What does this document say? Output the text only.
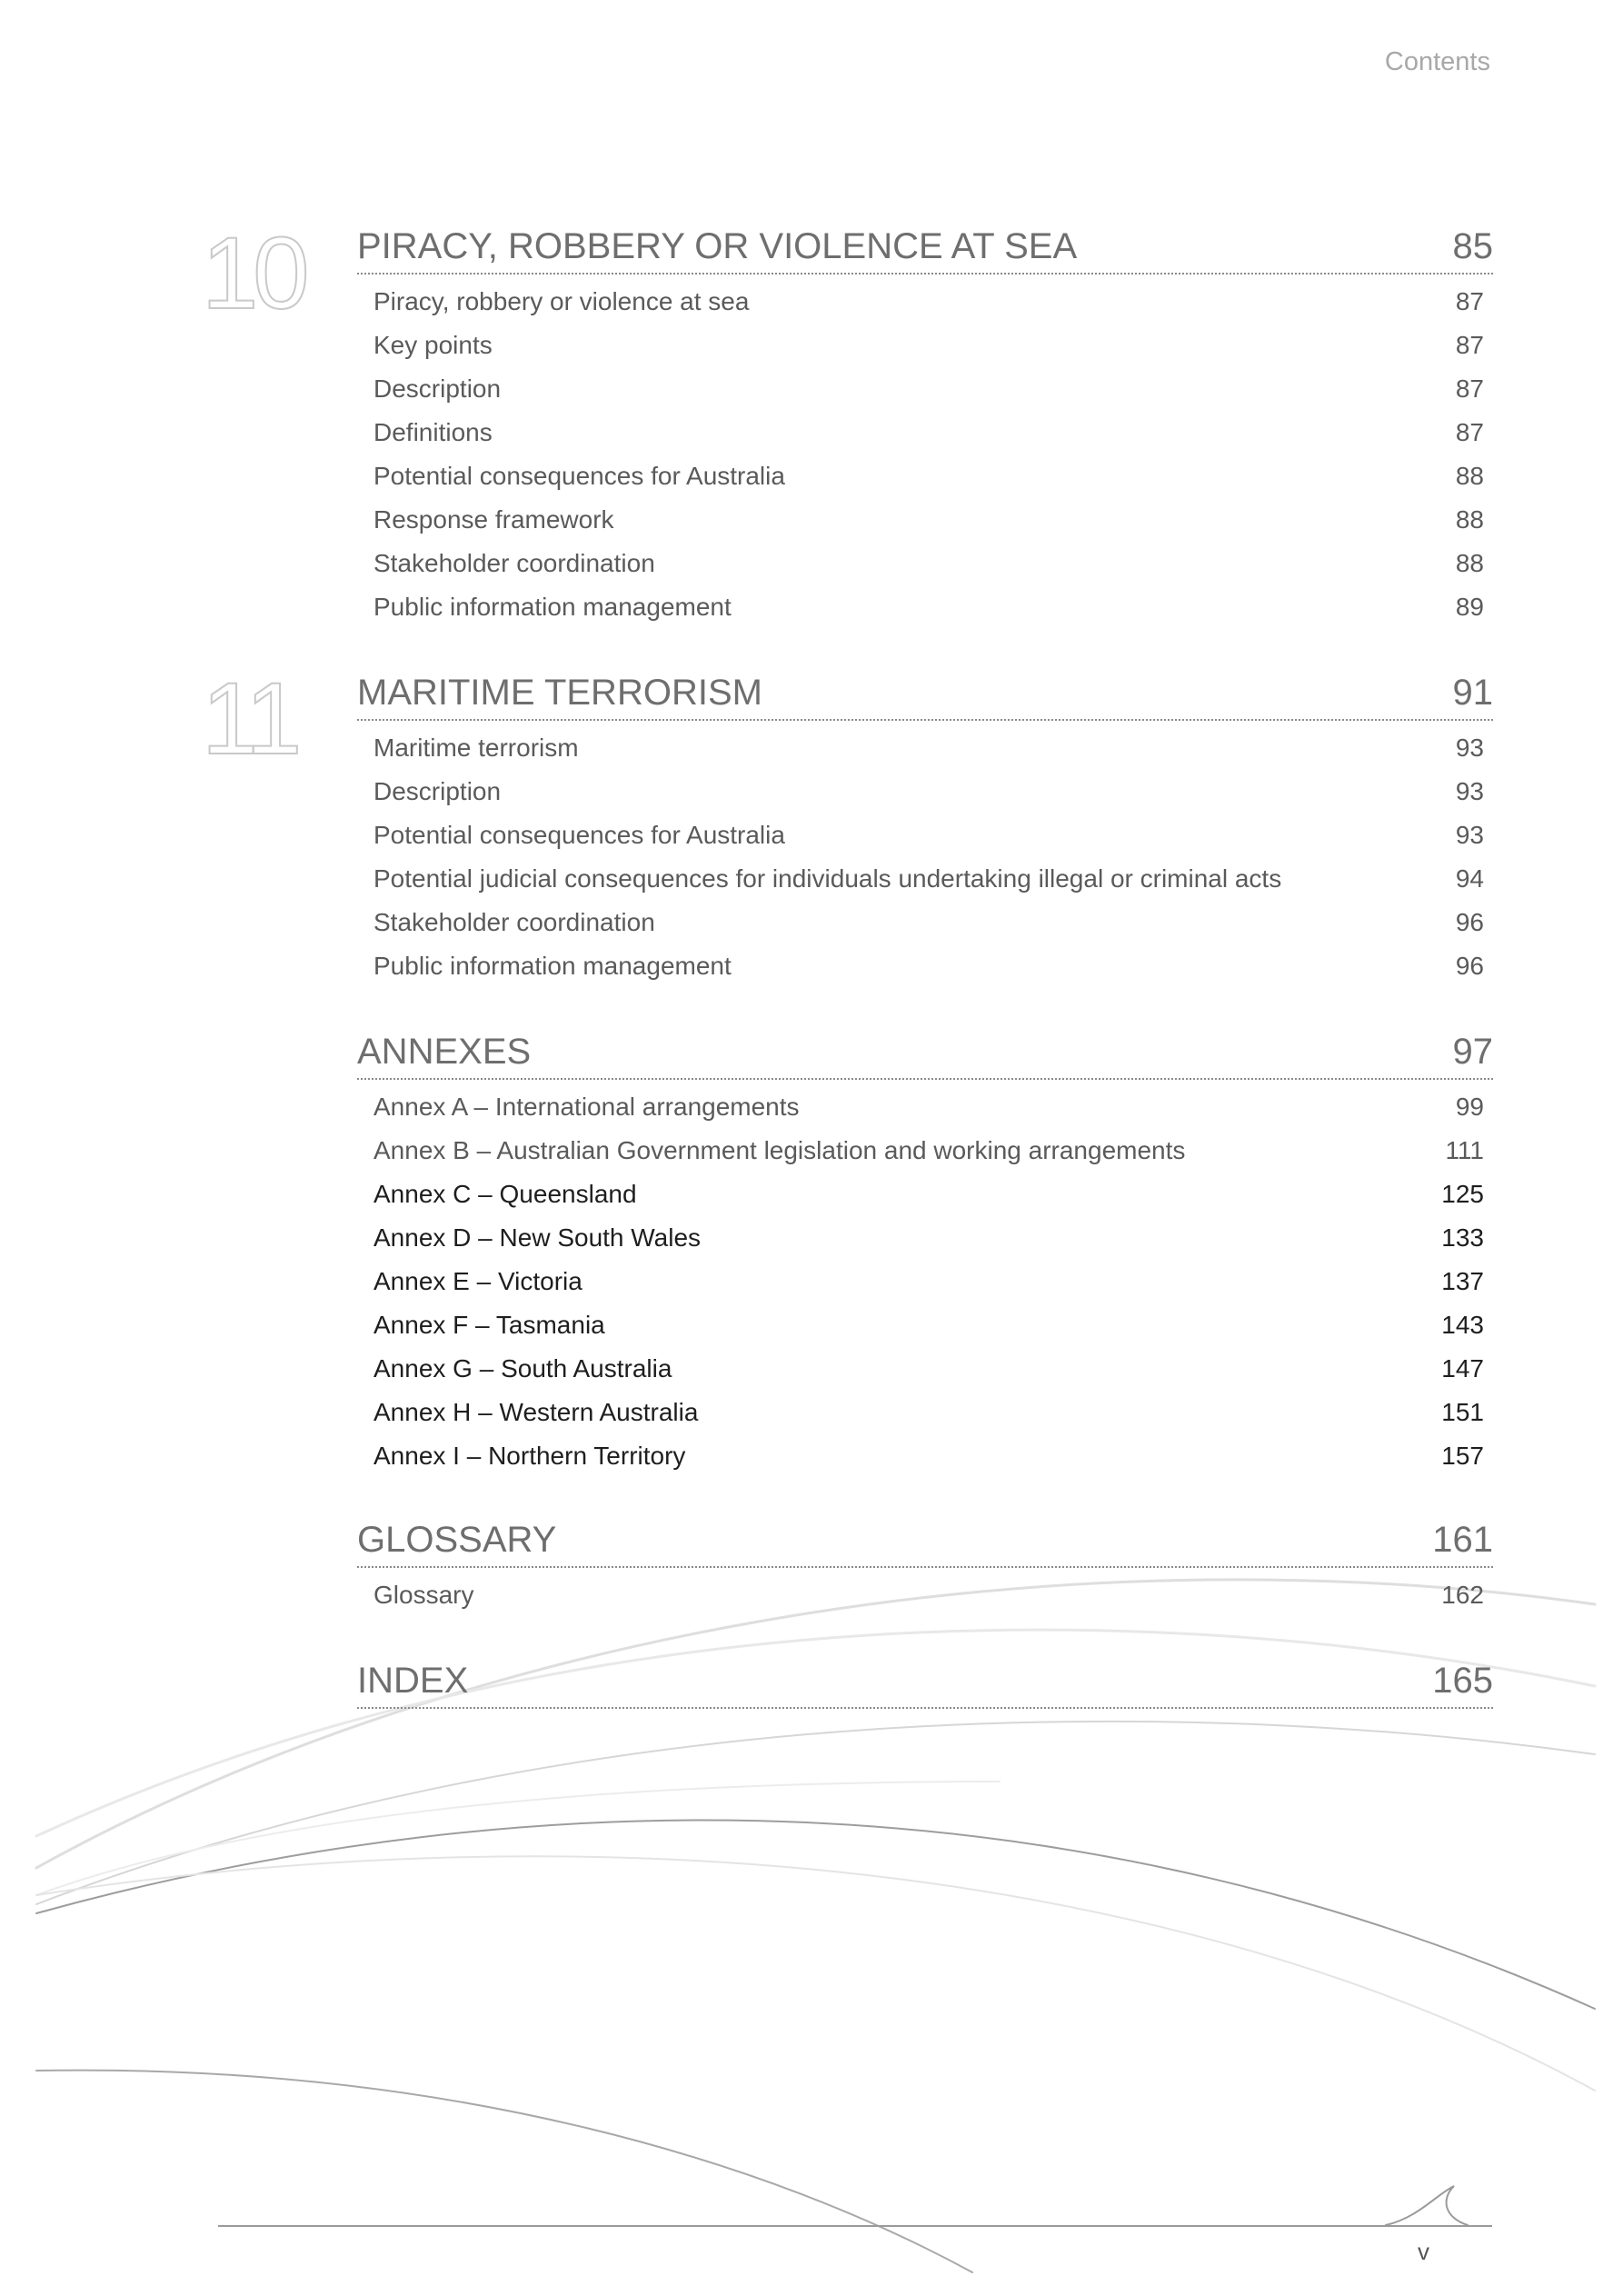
Contents
10 PIRACY, ROBBERY OR VIOLENCE AT SEA	85
Piracy, robbery or violence at sea	87
Key points	87
Description	87
Definitions	87
Potential consequences for Australia	88
Response framework	88
Stakeholder coordination	88
Public information management	89
11 MARITIME TERRORISM	91
Maritime terrorism	93
Description	93
Potential consequences for Australia	93
Potential judicial consequences for individuals undertaking illegal or criminal acts	94
Stakeholder coordination	96
Public information management	96
ANNEXES	97
Annex A – International arrangements	99
Annex B – Australian Government legislation and working arrangements	111
Annex C – Queensland	125
Annex D – New South Wales	133
Annex E – Victoria	137
Annex F – Tasmania	143
Annex G – South Australia	147
Annex H – Western Australia	151
Annex I – Northern Territory	157
GLOSSARY	161
Glossary	162
INDEX	165
v
